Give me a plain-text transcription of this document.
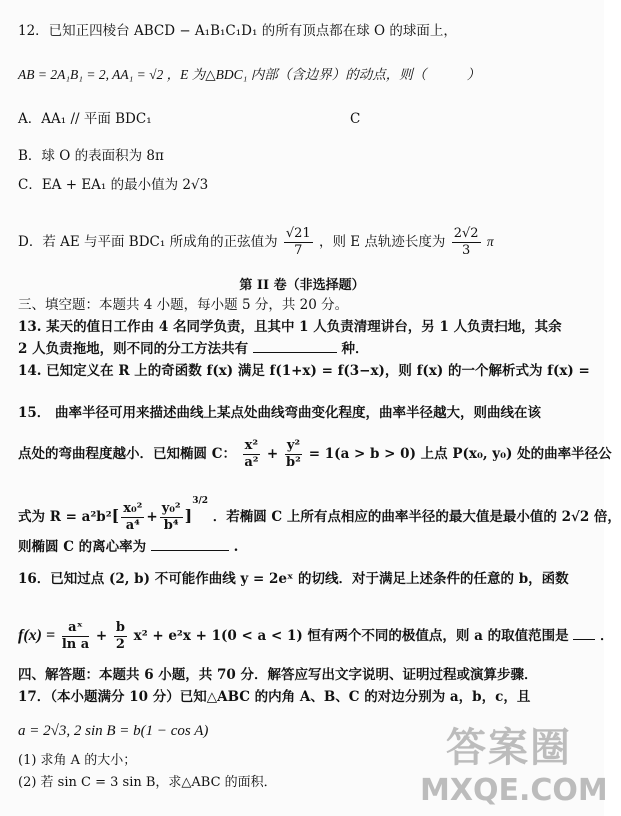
12．已知正四棱台 ABCD − A₁B₁C₁D₁ 的所有顶点都在球 O 的球面上，
AB = 2A₁B₁ = 2, AA₁ = √2 ，E 为△BDC₁ 内部（含边界）的动点，则（　　　）
A．AA₁ // 平面 BDC₁	C
B．球 O 的表面积为 8π
C．EA + EA₁ 的最小值为 2√3
D．若 AE 与平面 BDC₁ 所成角的正弦值为 $\frac{√21}{7}$ ，则 E 点轨迹长度为 $\frac{2√2}{3}$ π
第 II 卷（非选择题）
三、填空题：本题共 4 小题，每小题 5 分，共 20 分。
13. 某天的值日工作由 4 名同学负责，且其中 1 人负责清理讲台，另 1 人负责扫地，其余
2 人负责拖地，则不同的分工方法共有	种．
14. 已知定义在 R 上的奇函数 f(x) 满足 f(1+x) = f(3−x)，则 f(x) 的一个解析式为 f(x) =
15． 曲率半径可用来描述曲线上某点处曲线弯曲变化程度，曲率半径越大，则曲线在该
点处的弯曲程度越小．已知椭圆 C： $\frac{\text{x²}}{\text{a²}} + \frac{\text{y²}}{\text{b²}} = 1(a > b > 0)$ 上点 P(x₀, y₀) 处的曲率半径公
式为 $R = a^2b^2[ \frac{\text{x₀²}}{\text{a⁴}} + \frac{\text{y₀²}}{\text{b⁴}} ]^{3/2}$ ．若椭圆 C 上所有点相应的曲率半径的最大值是最小值的 2√2 倍，
则椭圆 C 的离心率为	.
16．已知过点 (2, b) 不可能作曲线 y = 2eˣ 的切线．对于满足上述条件的任意的 b，函数
$f(x) = \frac{\text{aˣ}}{\text{ln a}} + \frac{b}{2} x^2 + e^2x + 1(0 < a < 1)$ 恒有两个不同的极值点，则 a 的取值范围是 ．
四、解答题：本题共 6 小题，共 70 分．解答应写出文字说明、证明过程或演算步骤．
17．（本小题满分 10 分）已知△ABC 的内角 A、B、C 的对边分别为 a，b，c，且
a = 2√3, 2 sin B = b(1 − cos A)
(1) 求角 A 的大小；
(2) 若 sin C = 3 sin B，求△ABC 的面积．
答案圈
MXQE.COM
